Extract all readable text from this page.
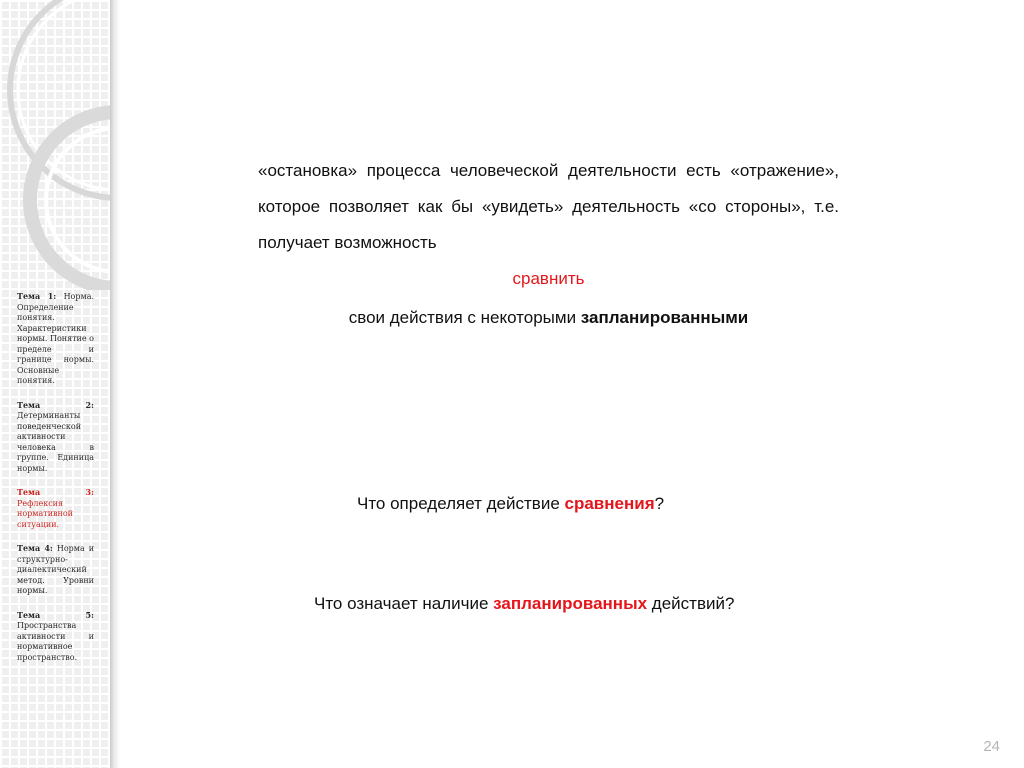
Тема 1: Норма. Определение понятия. Характеристики нормы. Понятие о пределе и границе нормы. Основные понятия.
Тема 2: Детерминанты поведенческой активности человека в группе. Единица нормы.
Тема 3: Рефлексия нормативной ситуации.
Тема 4: Норма и структурно-диалектический метод. Уровни нормы.
Тема 5: Пространства активности и нормативное пространство.

«остановка» процесса человеческой деятельности есть «отражение», которое позволяет как бы «увидеть» деятельность «со стороны», т.е. получает возможность

сравнить
свои действия с некоторыми запланированными
Что определяет действие сравнения?
Что означает наличие запланированных действий?
24
